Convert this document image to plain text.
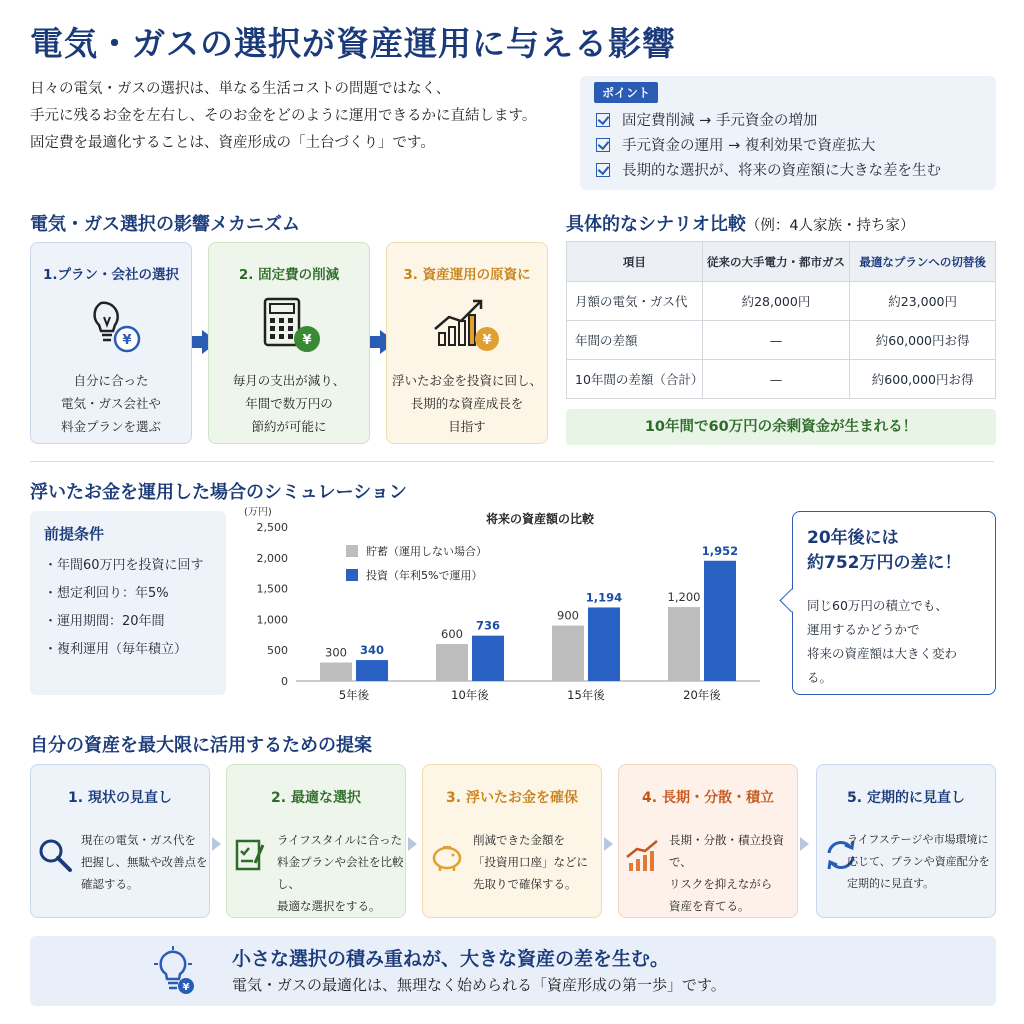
電気・ガスの選択が資産運用に与える影響
日々の電気・ガスの選択は、単なる生活コストの問題ではなく、
手元に残るお金を左右し、そのお金をどのように運用できるかに直結します。
固定費を最適化することは、資産形成の「土台づくり」です。
ポイント
固定費削減 → 手元資金の増加
手元資金の運用 → 複利効果で資産拡大
長期的な選択が、将来の資産額に大きな差を生む
電気・ガス選択の影響メカニズム
1.プラン・会社の選択
¥
自分に合った
電気・ガス会社や
料金プランを選ぶ
2. 固定費の削減
¥
毎月の支出が減り、
年間で数万円の
節約が可能に
3. 資産運用の原資に
¥
浮いたお金を投資に回し、
長期的な資産成長を
目指す
具体的なシナリオ比較（例：4人家族・持ち家）
項目	従来の大手電力・都市ガス	最適なプランへの切替後
月額の電気・ガス代	約28,000円	約23,000円
年間の差額	—	約60,000円お得
10年間の差額（合計）	—	約600,000円お得
10年間で60万円の余剰資金が生まれる！
浮いたお金を運用した場合のシミュレーション
前提条件
・年間60万円を投資に回す
・想定利回り：年5%
・運用期間：20年間
・複利運用（毎年積立）
(万円)	将来の資産額の比較
0
500
1,000
1,500
2,000
2,500
貯蓄（運用しない場合）
投資（年利5%で運用）
300 340
5年後
600
736
10年後
900
1,194
15年後
1,200
1,952
20年後
20年後には
約752万円の差に！
同じ60万円の積立でも、
運用するかどうかで
将来の資産額は大きく変わる。
自分の資産を最大限に活用するための提案
1. 現状の見直し
現在の電気・ガス代を
把握し、無駄や改善点を
確認する。
2. 最適な選択
ライフスタイルに合った
料金プランや会社を比較し、
最適な選択をする。
3. 浮いたお金を確保
削減できた金額を
「投資用口座」などに
先取りで確保する。
4. 長期・分散・積立
長期・分散・積立投資で、
リスクを抑えながら
資産を育てる。
5. 定期的に見直し
ライフステージや市場環境に
応じて、プランや資産配分を
定期的に見直す。
¥
小さな選択の積み重ねが、大きな資産の差を生む。
電気・ガスの最適化は、無理なく始められる「資産形成の第一歩」です。
